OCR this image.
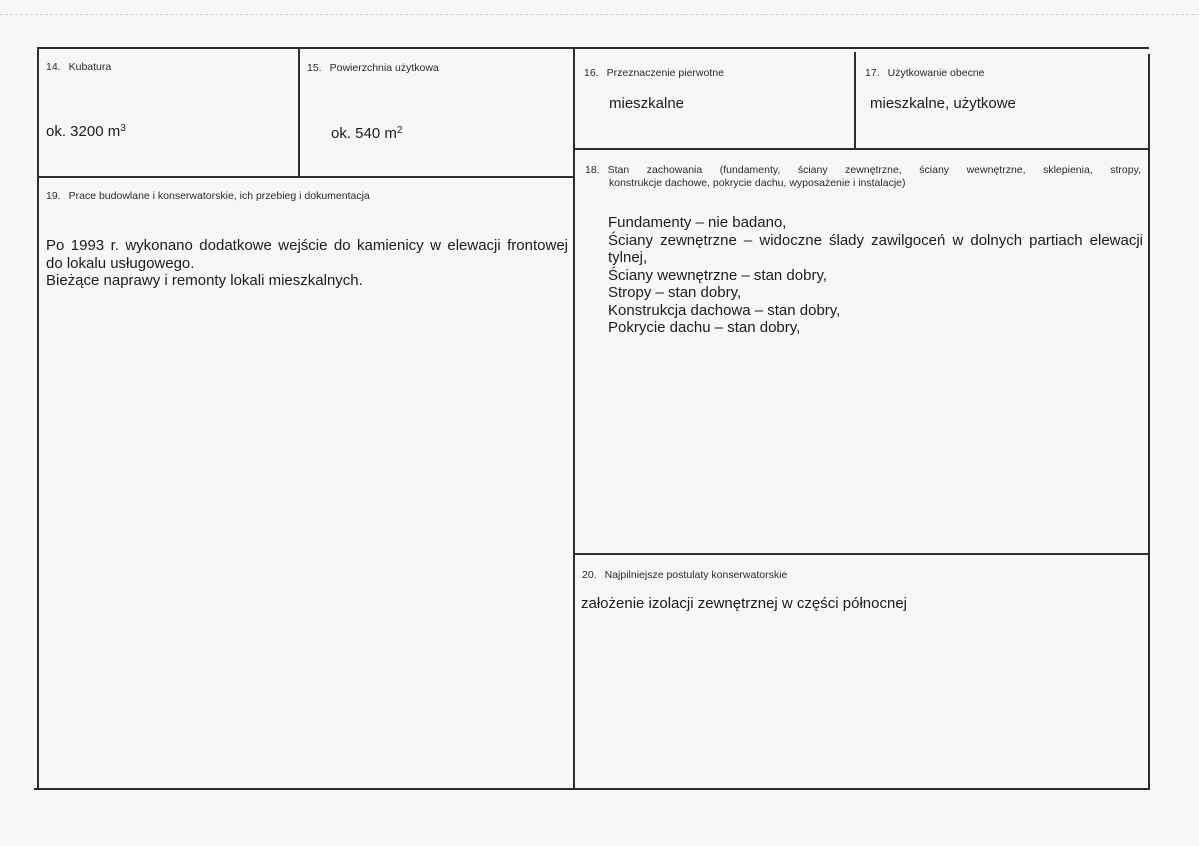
14. Kubatura
ok. 3200 $m^3$
15. Powierzchnia użytkowa
ok. 540 $m^2$
16. Przeznaczenie pierwotne
mieszkalne
17. Użytkowanie obecne
mieszkalne, użytkowe
18. Stan zachowania (fundamenty, ściany zewnętrzne, ściany wewnętrzne, sklepienia, stropy,
konstrukcje dachowe, pokrycie dachu, wyposażenie i instalacje)
Fundamenty – nie badano,
Ściany zewnętrzne – widoczne ślady zawilgoceń w dolnych partiach elewacji
tylnej,
Ściany wewnętrzne – stan dobry,
Stropy – stan dobry,
Konstrukcja dachowa – stan dobry,
Pokrycie dachu – stan dobry,
19. Prace budowlane i konserwatorskie, ich przebieg i dokumentacja
Po 1993 r. wykonano dodatkowe wejście do kamienicy w elewacji frontowej
do lokalu usługowego.
Bieżące naprawy i remonty lokali mieszkalnych.
20. Najpilniejsze postulaty konserwatorskie
założenie izolacji zewnętrznej w części północnej
